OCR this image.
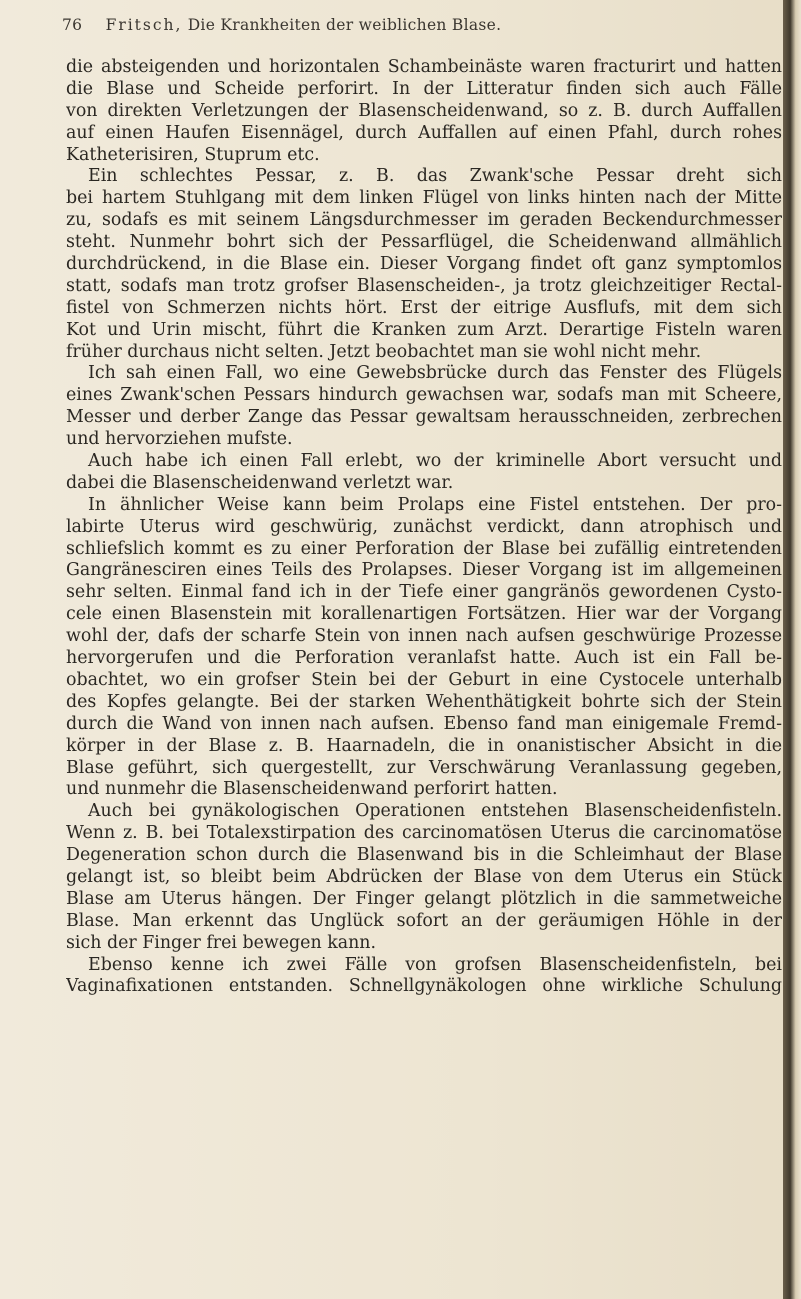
76 Fritsch, Die Krankheiten der weiblichen Blase.
die absteigenden und horizontalen Schambeinäste waren fracturirt und hatten
die Blase und Scheide perforirt. In der Litteratur finden sich auch Fälle
von direkten Verletzungen der Blasenscheidenwand, so z. B. durch Auffallen
auf einen Haufen Eisennägel, durch Auffallen auf einen Pfahl, durch rohes
Katheterisiren, Stuprum etc.
Ein schlechtes Pessar, z. B. das Zwank'sche Pessar dreht sich
bei hartem Stuhlgang mit dem linken Flügel von links hinten nach der Mitte
zu, sodafs es mit seinem Längsdurchmesser im geraden Beckendurchmesser
steht. Nunmehr bohrt sich der Pessarflügel, die Scheidenwand allmählich
durchdrückend, in die Blase ein. Dieser Vorgang findet oft ganz symptomlos
statt, sodafs man trotz grofser Blasenscheiden-, ja trotz gleichzeitiger Rectal-
fistel von Schmerzen nichts hört. Erst der eitrige Ausflufs, mit dem sich
Kot und Urin mischt, führt die Kranken zum Arzt. Derartige Fisteln waren
früher durchaus nicht selten. Jetzt beobachtet man sie wohl nicht mehr.
Ich sah einen Fall, wo eine Gewebsbrücke durch das Fenster des Flügels
eines Zwank'schen Pessars hindurch gewachsen war, sodafs man mit Scheere,
Messer und derber Zange das Pessar gewaltsam herausschneiden, zerbrechen
und hervorziehen mufste.
Auch habe ich einen Fall erlebt, wo der kriminelle Abort versucht und
dabei die Blasenscheidenwand verletzt war.
In ähnlicher Weise kann beim Prolaps eine Fistel entstehen. Der pro-
labirte Uterus wird geschwürig, zunächst verdickt, dann atrophisch und
schliefslich kommt es zu einer Perforation der Blase bei zufällig eintretenden
Gangränesciren eines Teils des Prolapses. Dieser Vorgang ist im allgemeinen
sehr selten. Einmal fand ich in der Tiefe einer gangränös gewordenen Cysto-
cele einen Blasenstein mit korallenartigen Fortsätzen. Hier war der Vorgang
wohl der, dafs der scharfe Stein von innen nach aufsen geschwürige Prozesse
hervorgerufen und die Perforation veranlafst hatte. Auch ist ein Fall be-
obachtet, wo ein grofser Stein bei der Geburt in eine Cystocele unterhalb
des Kopfes gelangte. Bei der starken Wehenthätigkeit bohrte sich der Stein
durch die Wand von innen nach aufsen. Ebenso fand man einigemale Fremd-
körper in der Blase z. B. Haarnadeln, die in onanistischer Absicht in die
Blase geführt, sich quergestellt, zur Verschwärung Veranlassung gegeben,
und nunmehr die Blasenscheidenwand perforirt hatten.
Auch bei gynäkologischen Operationen entstehen Blasenscheidenfisteln.
Wenn z. B. bei Totalexstirpation des carcinomatösen Uterus die carcinomatöse
Degeneration schon durch die Blasenwand bis in die Schleimhaut der Blase
gelangt ist, so bleibt beim Abdrücken der Blase von dem Uterus ein Stück
Blase am Uterus hängen. Der Finger gelangt plötzlich in die sammetweiche
Blase. Man erkennt das Unglück sofort an der geräumigen Höhle in der
sich der Finger frei bewegen kann.
Ebenso kenne ich zwei Fälle von grofsen Blasenscheidenfisteln, bei
Vaginafixationen entstanden. Schnellgynäkologen ohne wirkliche Schulung
